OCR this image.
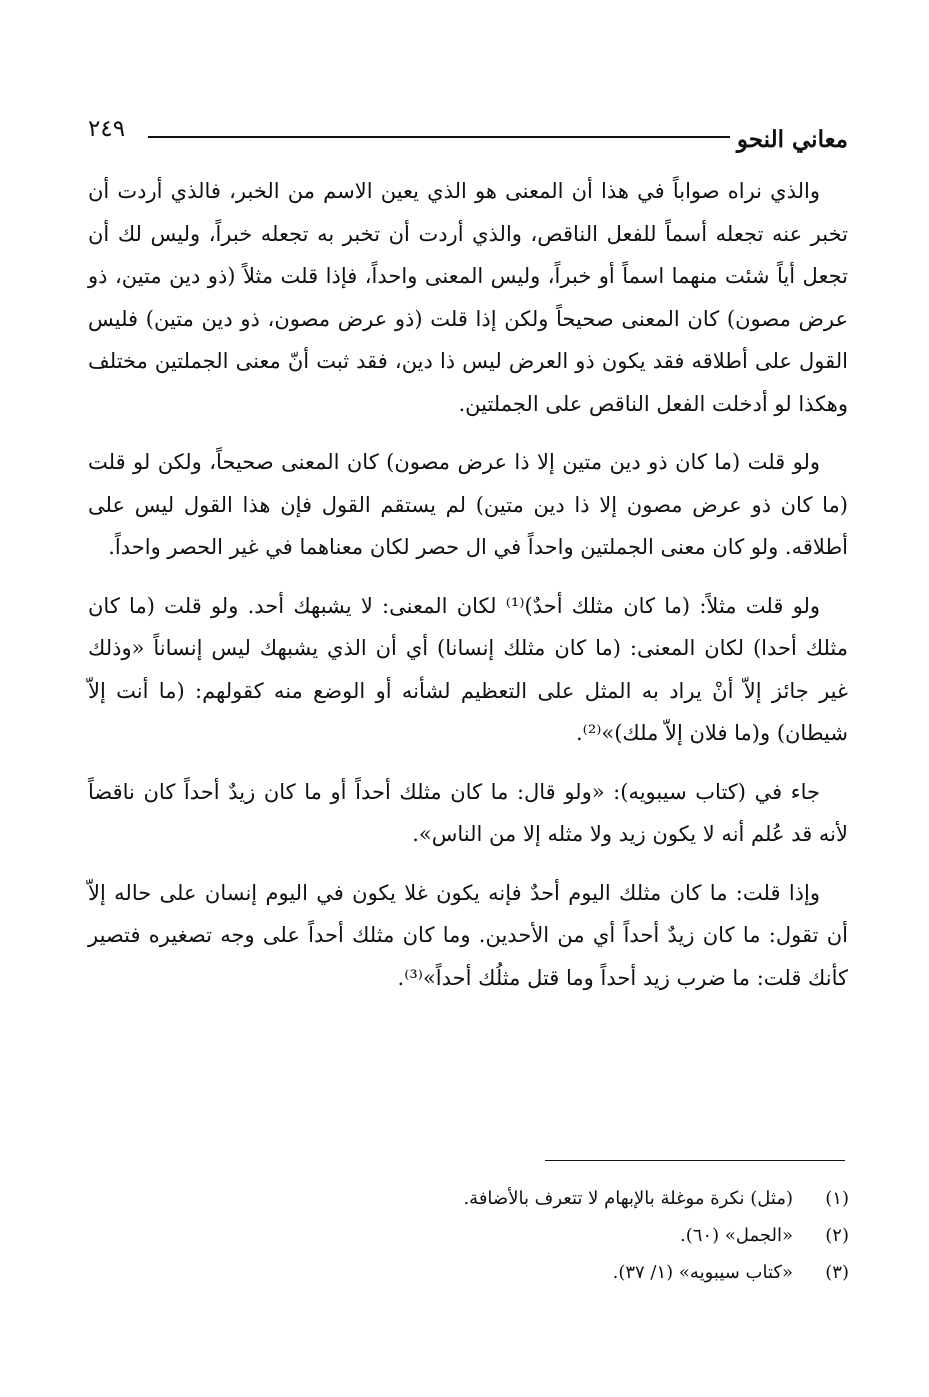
معاني النحو
٢٤٩

والذي نراه صواباً في هذا أن المعنى هو الذي يعين الاسم من الخبر، فالذي أردت أن تخبر عنه تجعله أسماً للفعل الناقص، والذي أردت أن تخبر به تجعله خبراً، وليس لك أن تجعل أياً شئت منهما اسماً أو خبراً، وليس المعنى واحداً، فإذا قلت مثلاً (ذو دين متين، ذو عرض مصون) كان المعنى صحيحاً ولكن إذا قلت (ذو عرض مصون، ذو دين متين) فليس القول على أطلاقه فقد يكون ذو العرض ليس ذا دين، فقد ثبت أنّ معنى الجملتين مختلف وهكذا لو أدخلت الفعل الناقص على الجملتين.

ولو قلت (ما كان ذو دين متين إلا ذا عرض مصون) كان المعنى صحيحاً، ولكن لو قلت (ما كان ذو عرض مصون إلا ذا دين متين) لم يستقم القول فإن هذا القول ليس على أطلاقه. ولو كان معنى الجملتين واحداً في ال حصر لكان معناهما في غير الحصر واحداً.

ولو قلت مثلاً: (ما كان مثلك أحدٌ)⁽¹⁾ لكان المعنى: لا يشبهك أحد. ولو قلت (ما كان مثلك أحدا) لكان المعنى: (ما كان مثلك إنسانا) أي أن الذي يشبهك ليس إنساناً «وذلك غير جائز إلاّ أنْ يراد به المثل على التعظيم لشأنه أو الوضع منه كقولهم: (ما أنت إلاّ شيطان) و(ما فلان إلاّ ملك)»⁽²⁾.

جاء في (كتاب سيبويه): «ولو قال: ما كان مثلك أحداً أو ما كان زيدٌ أحداً كان ناقضاً لأنه قد عُلم أنه لا يكون زيد ولا مثله إلا من الناس».

وإذا قلت: ما كان مثلك اليوم أحدٌ فإنه يكون غلا يكون في اليوم إنسان على حاله إلاّ أن تقول: ما كان زيدٌ أحداً أي من الأحدين. وما كان مثلك أحداً على وجه تصغيره فتصير كأنك قلت: ما ضرب زيد أحداً وما قتل مثلُك أحداً»⁽³⁾.

(١)
(مثل) نكرة موغلة بالإبهام لا تتعرف بالأضافة.
(٢)
«الجمل» (٦٠).
(٣)
«كتاب سيبويه» (١/ ٣٧).
